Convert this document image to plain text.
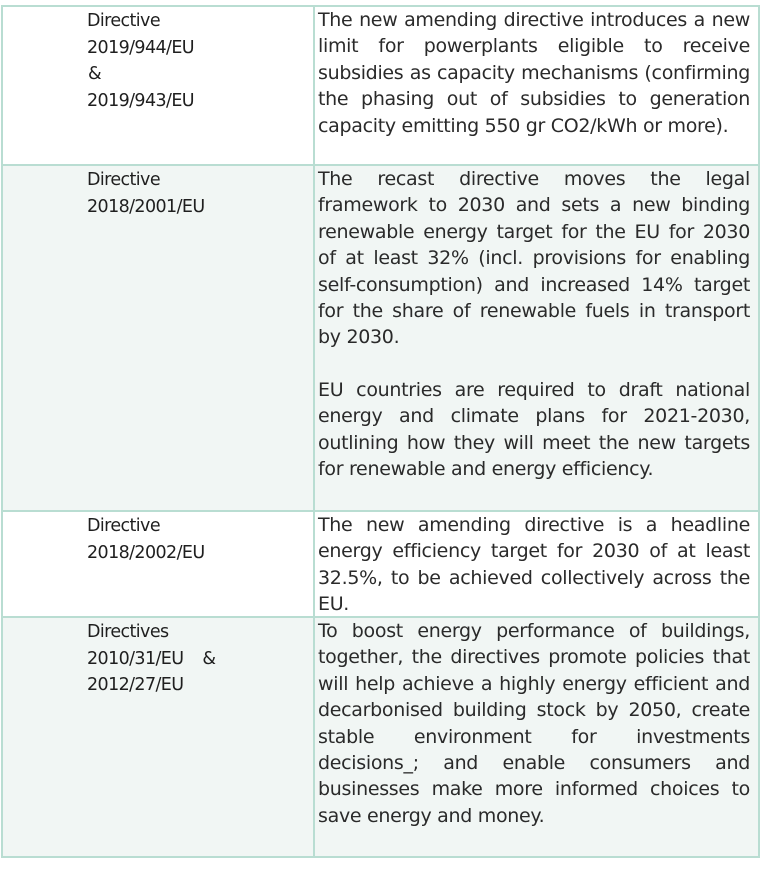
Directive
2019/944/EU
&
2019/943/EU

The new amending directive introduces a new limit for powerplants eligible to receive subsidies as capacity mechanisms (confirming the phasing out of subsidies to generation capacity emitting 550 gr CO2/kWh or more).

Directive
2018/2001/EU

The recast directive moves the legal framework to 2030 and sets a new binding renewable energy target for the EU for 2030 of at least 32% (incl. provisions for enabling self-consumption) and increased 14% target for the share of renewable fuels in transport by 2030.

EU countries are required to draft national energy and climate plans for 2021-2030, outlining how they will meet the new targets for renewable and energy efficiency.

Directive
2018/2002/EU

The new amending directive is a headline energy efficiency target for 2030 of at least 32.5%, to be achieved collectively across the EU.

Directives
2010/31/EU &
2012/27/EU

To boost energy performance of buildings, together, the directives promote policies that will help achieve a highly energy efficient and decarbonised building stock by 2050, create stable environment for investments decisions_; and enable consumers and businesses make more informed choices to save energy and money.
